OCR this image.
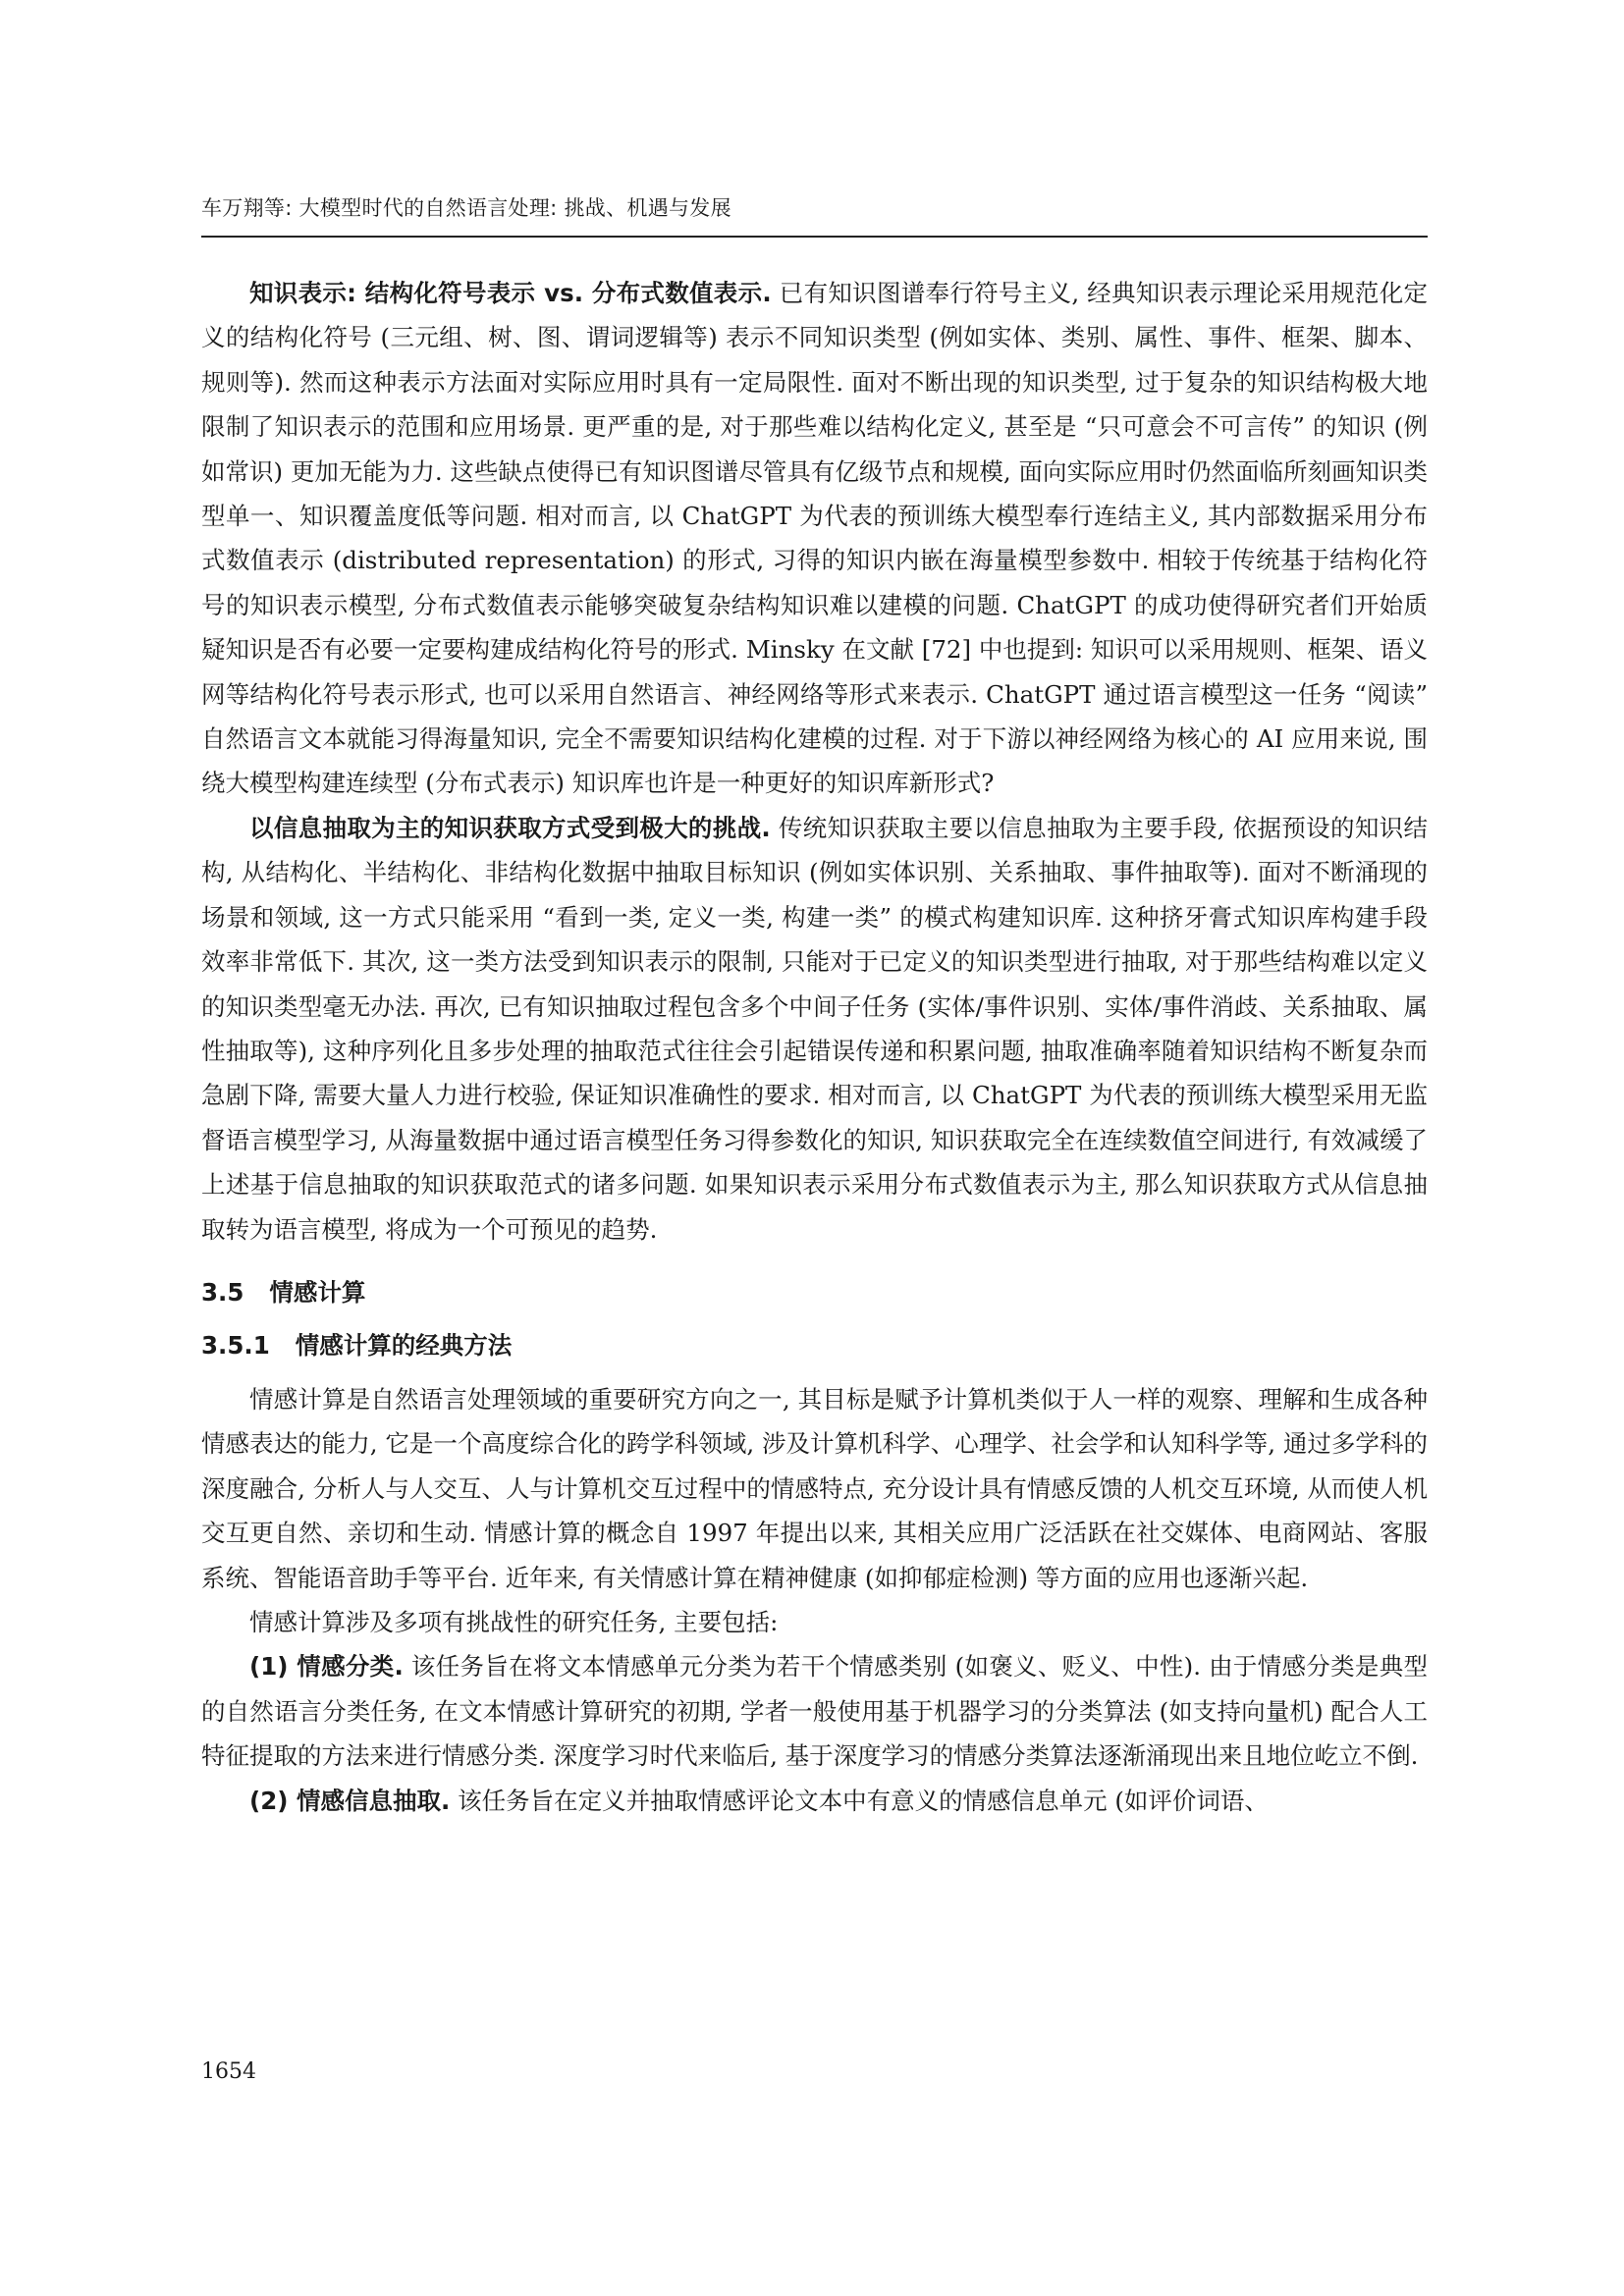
车万翔等: 大模型时代的自然语言处理: 挑战、机遇与发展

知识表示: 结构化符号表示 vs. 分布式数值表示. 已有知识图谱奉行符号主义, 经典知识表示理论采用规范化定义的结构化符号 (三元组、树、图、谓词逻辑等) 表示不同知识类型 (例如实体、类别、属性、事件、框架、脚本、规则等). 然而这种表示方法面对实际应用时具有一定局限性. 面对不断出现的知识类型, 过于复杂的知识结构极大地限制了知识表示的范围和应用场景. 更严重的是, 对于那些难以结构化定义, 甚至是 “只可意会不可言传” 的知识 (例如常识) 更加无能为力. 这些缺点使得已有知识图谱尽管具有亿级节点和规模, 面向实际应用时仍然面临所刻画知识类型单一、知识覆盖度低等问题. 相对而言, 以 ChatGPT 为代表的预训练大模型奉行连结主义, 其内部数据采用分布式数值表示 (distributed representation) 的形式, 习得的知识内嵌在海量模型参数中. 相较于传统基于结构化符号的知识表示模型, 分布式数值表示能够突破复杂结构知识难以建模的问题. ChatGPT 的成功使得研究者们开始质疑知识是否有必要一定要构建成结构化符号的形式. Minsky 在文献 [72] 中也提到: 知识可以采用规则、框架、语义网等结构化符号表示形式, 也可以采用自然语言、神经网络等形式来表示. ChatGPT 通过语言模型这一任务 “阅读” 自然语言文本就能习得海量知识, 完全不需要知识结构化建模的过程. 对于下游以神经网络为核心的 AI 应用来说, 围绕大模型构建连续型 (分布式表示) 知识库也许是一种更好的知识库新形式?

以信息抽取为主的知识获取方式受到极大的挑战. 传统知识获取主要以信息抽取为主要手段, 依据预设的知识结构, 从结构化、半结构化、非结构化数据中抽取目标知识 (例如实体识别、关系抽取、事件抽取等). 面对不断涌现的场景和领域, 这一方式只能采用 “看到一类, 定义一类, 构建一类” 的模式构建知识库. 这种挤牙膏式知识库构建手段效率非常低下. 其次, 这一类方法受到知识表示的限制, 只能对于已定义的知识类型进行抽取, 对于那些结构难以定义的知识类型毫无办法. 再次, 已有知识抽取过程包含多个中间子任务 (实体/事件识别、实体/事件消歧、关系抽取、属性抽取等), 这种序列化且多步处理的抽取范式往往会引起错误传递和积累问题, 抽取准确率随着知识结构不断复杂而急剧下降, 需要大量人力进行校验, 保证知识准确性的要求. 相对而言, 以 ChatGPT 为代表的预训练大模型采用无监督语言模型学习, 从海量数据中通过语言模型任务习得参数化的知识, 知识获取完全在连续数值空间进行, 有效减缓了上述基于信息抽取的知识获取范式的诸多问题. 如果知识表示采用分布式数值表示为主, 那么知识获取方式从信息抽取转为语言模型, 将成为一个可预见的趋势.

3.5 情感计算
3.5.1 情感计算的经典方法

情感计算是自然语言处理领域的重要研究方向之一, 其目标是赋予计算机类似于人一样的观察、理解和生成各种情感表达的能力, 它是一个高度综合化的跨学科领域, 涉及计算机科学、心理学、社会学和认知科学等, 通过多学科的深度融合, 分析人与人交互、人与计算机交互过程中的情感特点, 充分设计具有情感反馈的人机交互环境, 从而使人机交互更自然、亲切和生动. 情感计算的概念自 1997 年提出以来, 其相关应用广泛活跃在社交媒体、电商网站、客服系统、智能语音助手等平台. 近年来, 有关情感计算在精神健康 (如抑郁症检测) 等方面的应用也逐渐兴起.

情感计算涉及多项有挑战性的研究任务, 主要包括:

(1) 情感分类. 该任务旨在将文本情感单元分类为若干个情感类别 (如褒义、贬义、中性). 由于情感分类是典型的自然语言分类任务, 在文本情感计算研究的初期, 学者一般使用基于机器学习的分类算法 (如支持向量机) 配合人工特征提取的方法来进行情感分类. 深度学习时代来临后, 基于深度学习的情感分类算法逐渐涌现出来且地位屹立不倒.

(2) 情感信息抽取. 该任务旨在定义并抽取情感评论文本中有意义的情感信息单元 (如评价词语、

1654
